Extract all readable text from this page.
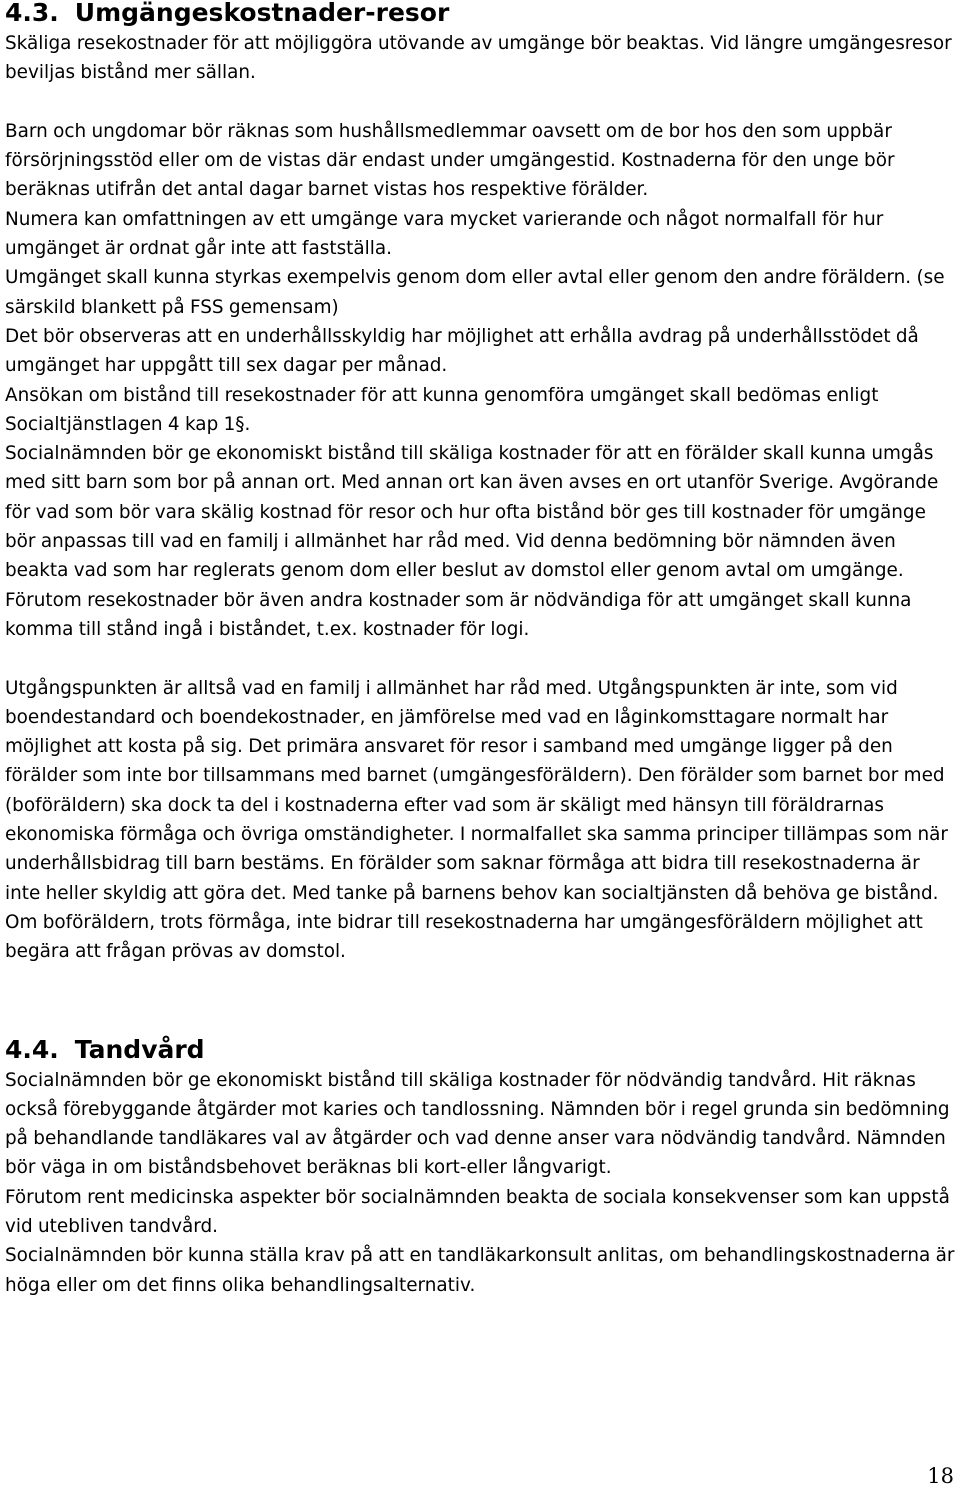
4.3. Umgängeskostnader-resor

Skäliga resekostnader för att möjliggöra utövande av umgänge bör beaktas. Vid längre umgängesresor beviljas bistånd mer sällan.

Barn och ungdomar bör räknas som hushållsmedlemmar oavsett om de bor hos den som uppbär försörjningsstöd eller om de vistas där endast under umgängestid. Kostnaderna för den unge bör beräknas utifrån det antal dagar barnet vistas hos respektive förälder.

Numera kan omfattningen av ett umgänge vara mycket varierande och något normalfall för hur umgänget är ordnat går inte att fastställa.

Umgänget skall kunna styrkas exempelvis genom dom eller avtal eller genom den andre föräldern. (se särskild blankett på FSS gemensam)

Det bör observeras att en underhållsskyldig har möjlighet att erhålla avdrag på underhållsstödet då umgänget har uppgått till sex dagar per månad.

Ansökan om bistånd till resekostnader för att kunna genomföra umgänget skall bedömas enligt Socialtjänstlagen 4 kap 1§.

Socialnämnden bör ge ekonomiskt bistånd till skäliga kostnader för att en förälder skall kunna umgås med sitt barn som bor på annan ort. Med annan ort kan även avses en ort utanför Sverige. Avgörande för vad som bör vara skälig kostnad för resor och hur ofta bistånd bör ges till kostnader för umgänge bör anpassas till vad en familj i allmänhet har råd med. Vid denna bedömning bör nämnden även beakta vad som har reglerats genom dom eller beslut av domstol eller genom avtal om umgänge. Förutom resekostnader bör även andra kostnader som är nödvändiga för att umgänget skall kunna komma till stånd ingå i biståndet, t.ex. kostnader för logi.

Utgångspunkten är alltså vad en familj i allmänhet har råd med. Utgångspunkten är inte, som vid boendestandard och boendekostnader, en jämförelse med vad en låginkomsttagare normalt har möjlighet att kosta på sig. Det primära ansvaret för resor i samband med umgänge ligger på den förälder som inte bor tillsammans med barnet (umgängesföräldern). Den förälder som barnet bor med (boföräldern) ska dock ta del i kostnaderna efter vad som är skäligt med hänsyn till föräldrarnas ekonomiska förmåga och övriga omständigheter. I normalfallet ska samma principer tillämpas som när underhållsbidrag till barn bestäms. En förälder som saknar förmåga att bidra till resekostnaderna är inte heller skyldig att göra det. Med tanke på barnens behov kan socialtjänsten då behöva ge bistånd. Om boföräldern, trots förmåga, inte bidrar till resekostnaderna har umgängesföräldern möjlighet att begära att frågan prövas av domstol.

4.4. Tandvård

Socialnämnden bör ge ekonomiskt bistånd till skäliga kostnader för nödvändig tandvård. Hit räknas också förebyggande åtgärder mot karies och tandlossning. Nämnden bör i regel grunda sin bedömning på behandlande tandläkares val av åtgärder och vad denne anser vara nödvändig tandvård. Nämnden bör väga in om biståndsbehovet beräknas bli kort-eller långvarigt.

Förutom rent medicinska aspekter bör socialnämnden beakta de sociala konsekvenser som kan uppstå vid utebliven tandvård.

Socialnämnden bör kunna ställa krav på att en tandläkarkonsult anlitas, om behandlingskostnaderna är höga eller om det finns olika behandlingsalternativ.

18
